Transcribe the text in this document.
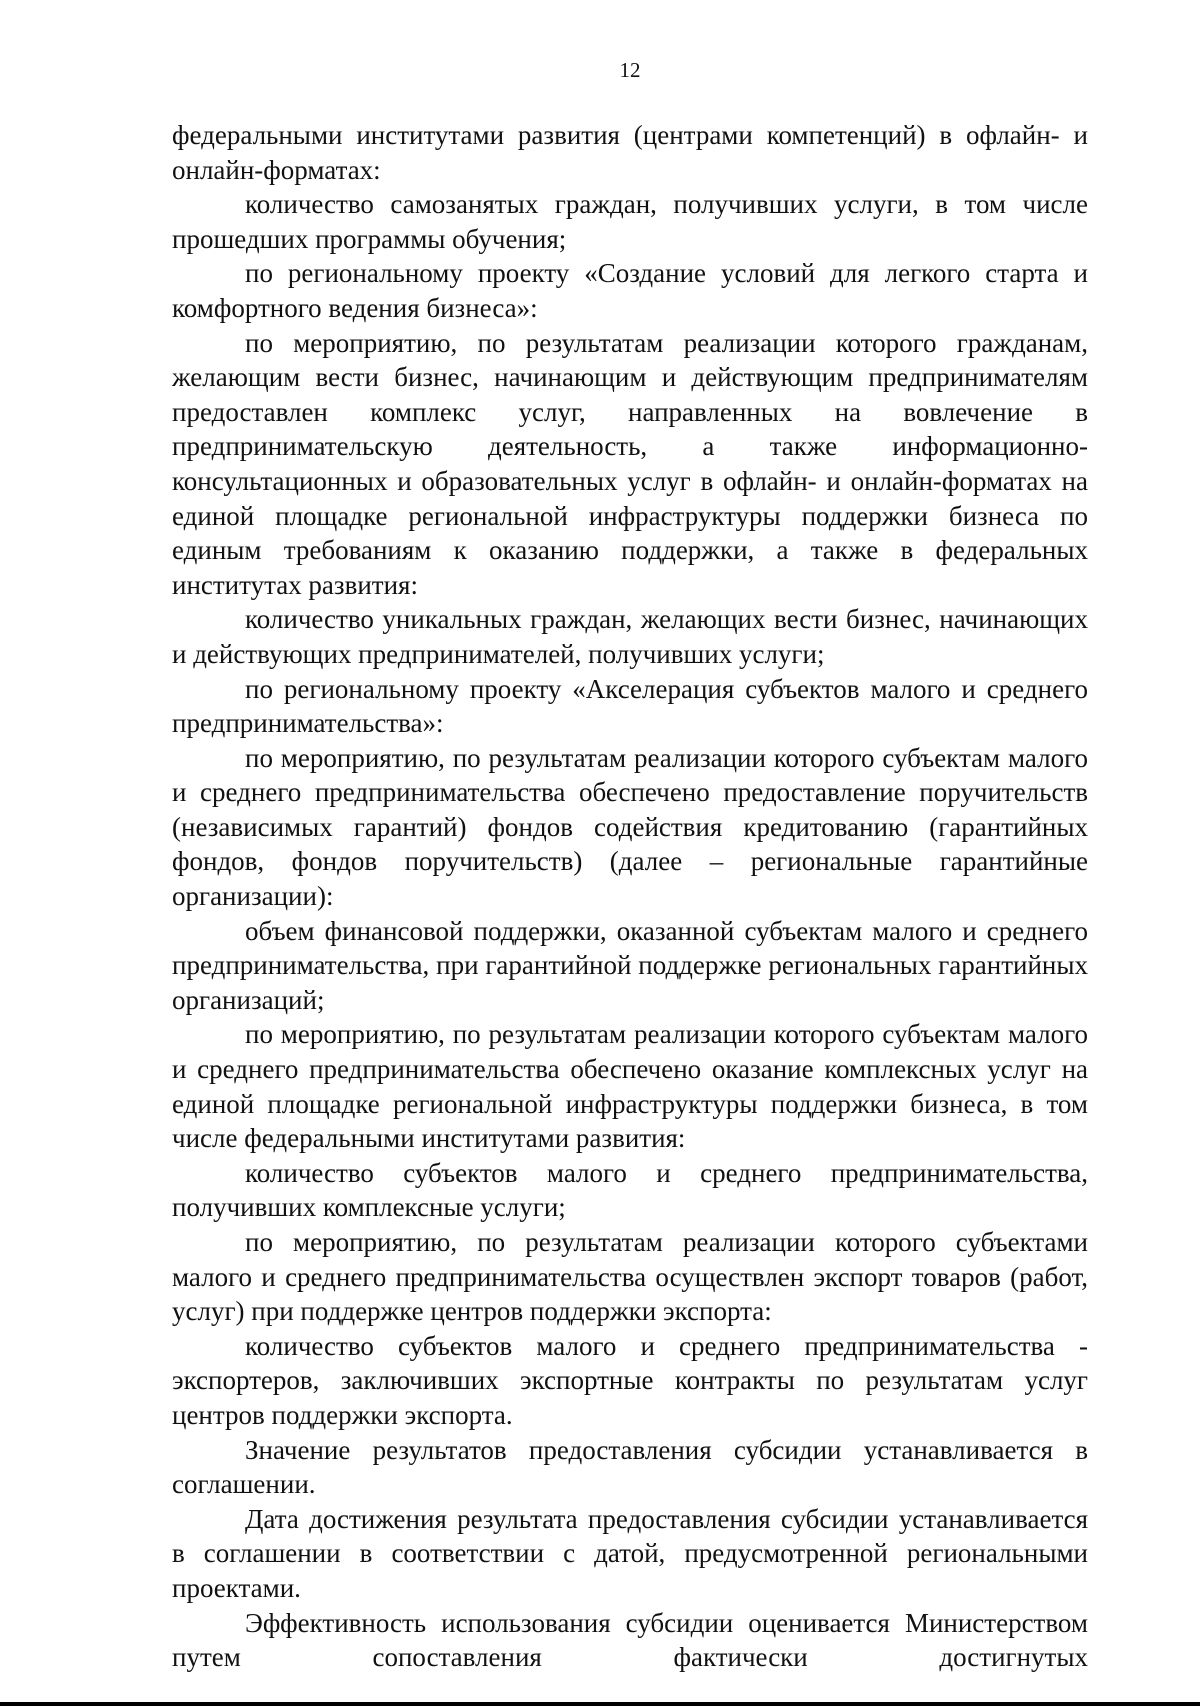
12

федеральными институтами развития (центрами компетенций) в офлайн- и онлайн-форматах:

количество самозанятых граждан, получивших услуги, в том числе прошедших программы обучения;

по региональному проекту «Создание условий для легкого старта и комфортного ведения бизнеса»:

по мероприятию, по результатам реализации которого гражданам, желающим вести бизнес, начинающим и действующим предпринимателям предоставлен комплекс услуг, направленных на вовлечение в предпринимательскую деятельность, а также информационно-консультационных и образовательных услуг в офлайн- и онлайн-форматах на единой площадке региональной инфраструктуры поддержки бизнеса по единым требованиям к оказанию поддержки, а также в федеральных институтах развития:

количество уникальных граждан, желающих вести бизнес, начинающих и действующих предпринимателей, получивших услуги;

по региональному проекту «Акселерация субъектов малого и среднего предпринимательства»:

по мероприятию, по результатам реализации которого субъектам малого и среднего предпринимательства обеспечено предоставление поручительств (независимых гарантий) фондов содействия кредитованию (гарантийных фондов, фондов поручительств) (далее – региональные гарантийные организации):

объем финансовой поддержки, оказанной субъектам малого и среднего предпринимательства, при гарантийной поддержке региональных гарантийных организаций;

по мероприятию, по результатам реализации которого субъектам малого и среднего предпринимательства обеспечено оказание комплексных услуг на единой площадке региональной инфраструктуры поддержки бизнеса, в том числе федеральными институтами развития:

количество субъектов малого и среднего предпринимательства, получивших комплексные услуги;

по мероприятию, по результатам реализации которого субъектами малого и среднего предпринимательства осуществлен экспорт товаров (работ, услуг) при поддержке центров поддержки экспорта:

количество субъектов малого и среднего предпринимательства - экспортеров, заключивших экспортные контракты по результатам услуг центров поддержки экспорта.

Значение результатов предоставления субсидии устанавливается в соглашении.

Дата достижения результата предоставления субсидии устанавливается в соглашении в соответствии с датой, предусмотренной региональными проектами.

Эффективность использования субсидии оценивается Министерством путем сопоставления фактически достигнутых
